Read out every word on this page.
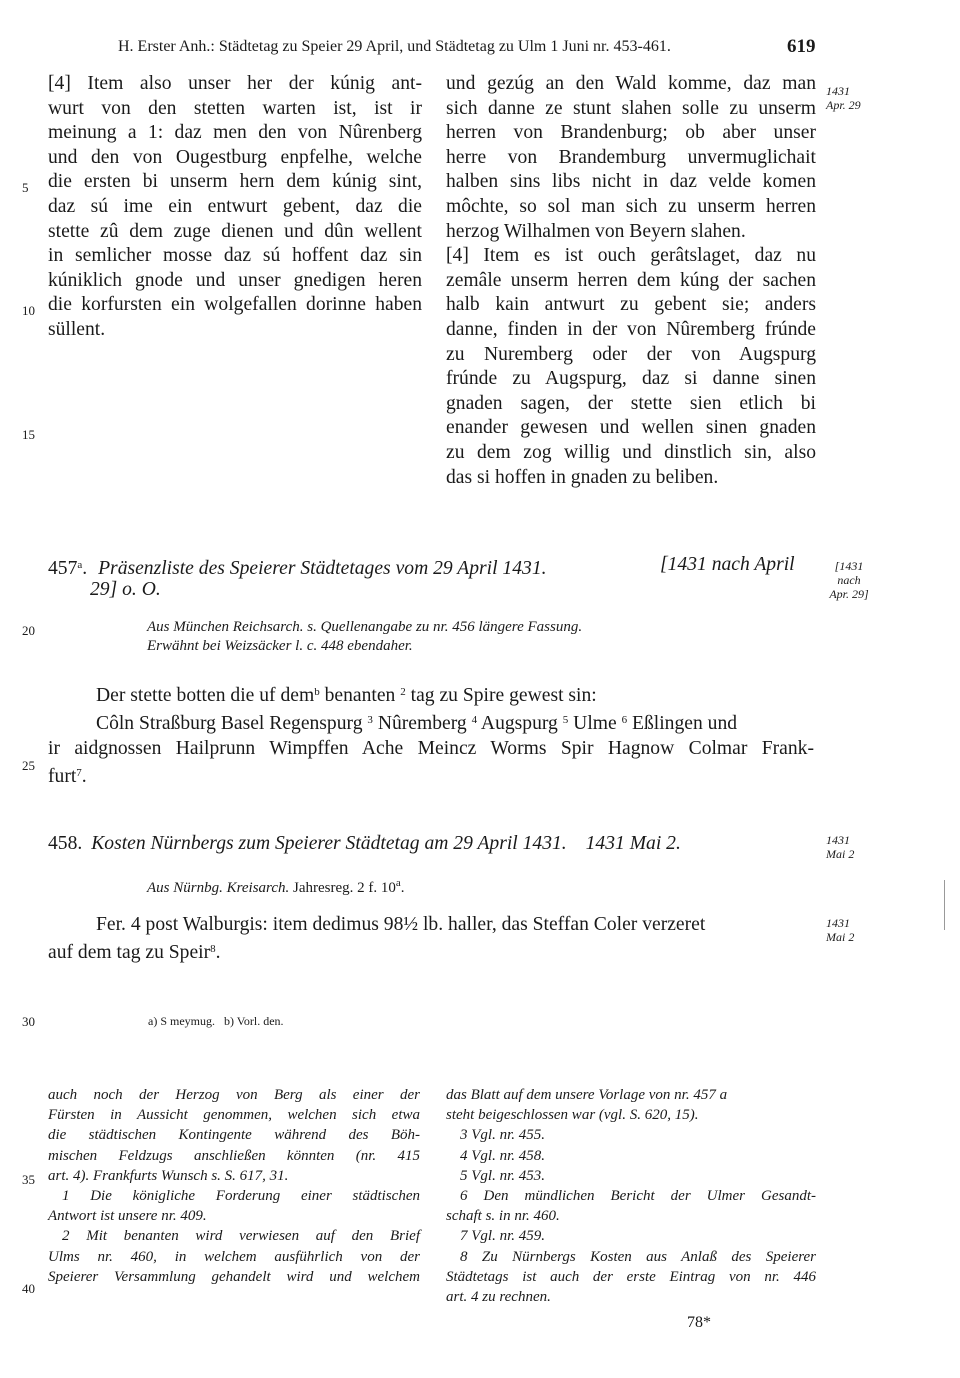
H. Erster Anh.: Städtetag zu Speier 29 April, und Städtetag zu Ulm 1 Juni nr. 453-461.	619
[4] Item also unser her der kúnig ant-
wurt von den stetten warten ist, ist ir
meinung a 1: daz men den von Nûrenberg
und den von Ougestburg enpfelhe, welche
die ersten bi unserm hern dem kúnig sint,
daz sú ime ein entwurt gebent, daz die
stette zû dem zuge dienen und dûn wellent
in semlicher mosse daz sú hoffent daz sin
kúniklich gnode und unser gnedigen heren
die korfursten ein wolgefallen dorinne haben
süllent.
und gezúg an den Wald komme, daz man
sich danne ze stunt slahen solle zu unserm
herren von Brandenburg; ob aber unser
herre von Brandemburg unvermuglichait
halben sins libs nicht in daz velde komen
môchte, so sol man sich zu unserm herren
herzog Wilhalmen von Beyern slahen.
[4] Item es ist ouch gerâtslaget, daz nu
zemâle unserm herren dem kúng der sachen
halb kain antwurt zu gebent sie; anders
danne, finden in der von Nûremberg frúnde
zu Nuremberg oder der von Augspurg
frúnde zu Augspurg, daz si danne sinen
gnaden sagen, der stette sien etlich bi
enander gewesen und wellen sinen gnaden
zu dem zog willig und dinstlich sin, also
das si hoffen in gnaden zu beliben.
5
10
15
20
25
30
35
40
1431
Apr. 29
[1431
nach
Apr. 29]
1431
Mai 2
1431
Mai 2
457$^a$. Präsenzliste des Speierer Städtetages vom 29 April 1431.	[1431 nach April
29] o. O.
Aus München Reichsarch. s. Quellenangabe zu nr. 456 längere Fassung.
Erwähnt bei Weizsäcker l. c. 448 ebendaher.
Der stette botten die uf dem$^b$ benanten $^2$ tag zu Spire gewest sin:
Côln Straßburg Basel Regenspurg $^3$ Nûremberg $^4$ Augspurg $^5$ Ulme $^6$ Eßlingen und
ir aidgnossen Hailprunn Wimpffen Ache Meincz Worms Spir Hagnow Colmar Frank-
furt$^7$.
458. Kosten Nürnbergs zum Speierer Städtetag am 29 April 1431. 1431 Mai 2.
Aus Nürnbg. Kreisarch. Jahresreg. 2 f. 10$^a$.
Fer. 4 post Walburgis: item dedimus 98½ lb. haller, das Steffan Coler verzeret
auf dem tag zu Speir$^8$.
a) S meymug.   b) Vorl. den.
auch noch der Herzog von Berg als einer der
Fürsten in Aussicht genommen, welchen sich etwa
die städtischen Kontingente während des Böh-
mischen Feldzugs anschließen könnten (nr. 415
art. 4). Frankfurts Wunsch s. S. 617, 31.
1 Die königliche Forderung einer städtischen
Antwort ist unsere nr. 409.
2 Mit benanten wird verwiesen auf den Brief
Ulms nr. 460, in welchem ausführlich von der
Speierer Versammlung gehandelt wird und welchem
das Blatt auf dem unsere Vorlage von nr. 457 a
steht beigeschlossen war (vgl. S. 620, 15).
3 Vgl. nr. 455.
4 Vgl. nr. 458.
5 Vgl. nr. 453.
6 Den mündlichen Bericht der Ulmer Gesandt-
schaft s. in nr. 460.
7 Vgl. nr. 459.
8 Zu Nürnbergs Kosten aus Anlaß des Speierer
Städtetags ist auch der erste Eintrag von nr. 446
art. 4 zu rechnen.
78*
